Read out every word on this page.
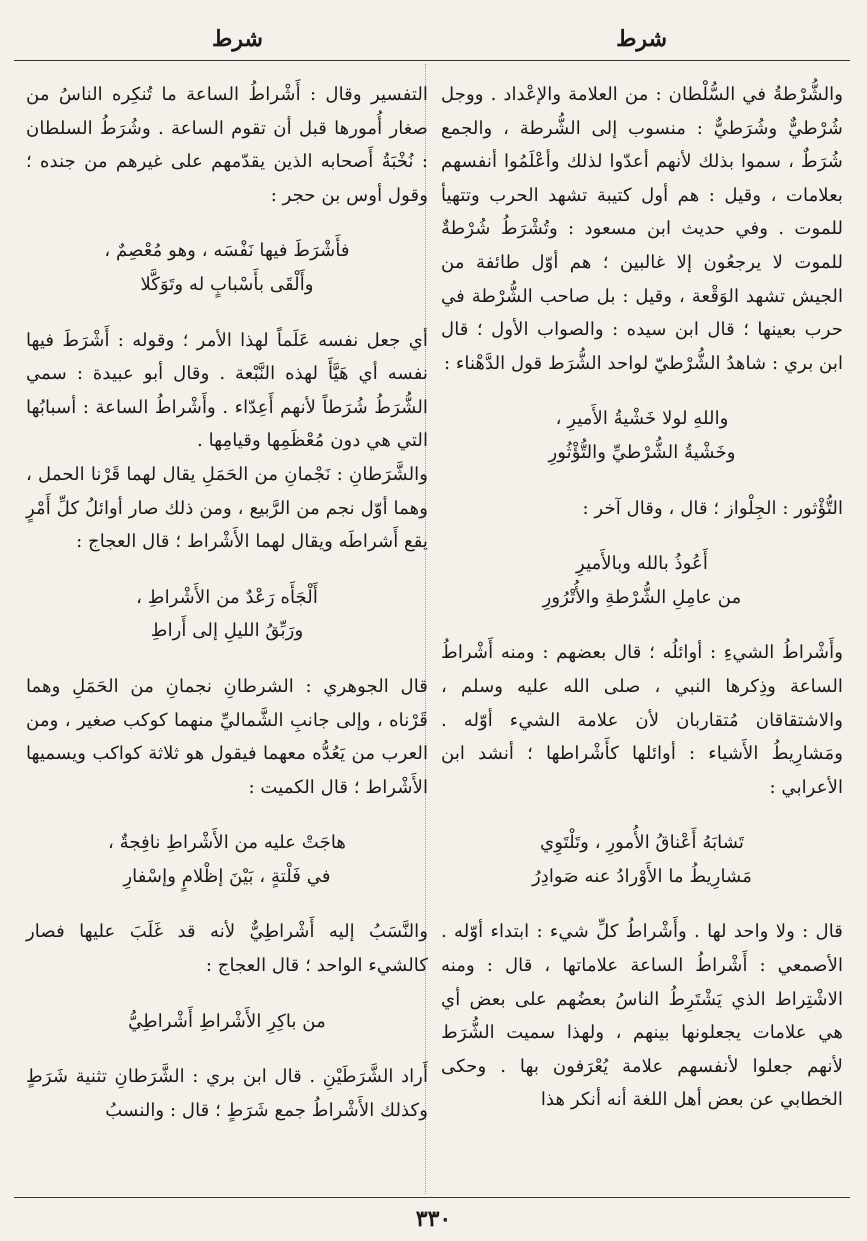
شرط
شرط

والشُّرْطةُ في السُّلْطان : من العلامة والإعْداد . ووجل شُرْطيٌّ وشُرَطيٌّ : منسوب إلى الشُّرطة ، والجمع شُرَطٌ ، سموا بذلك لأنهم أعدّوا لذلك وأعْلَمُوا أنفسهم بعلامات ، وقيل : هم أول كتيبة تشهد الحرب وتتهيأ للموت . وفي حديث ابن مسعود : وتُشْرَطُ شُرْطةٌ للموت لا يرجعُون إلا غالبين ؛ هم أوّل طائفة من الجيش تشهد الوَقْعة ، وقيل : بل صاحب الشُّرْطة في حرب بعينها ؛ قال ابن سيده : والصواب الأول ؛ قال ابن بري : شاهدُ الشُّرْطيّ لواحد الشُّرَط قول الدَّهْناء :

واللهِ لولا خَشْيةُ الأَميرِ ،

وخَشْيةُ الشُّرْطيِّ والتُّؤْثُورِ

التُّؤْثور : الجِلْواز ؛ قال ، وقال آخر :

أَعُوذُ بالله وبالأَميرِ

من عامِلِ الشُّرْطةِ والأُتْرُورِ

وأَشْراطُ الشيءِ : أوائلُه ؛ قال بعضهم : ومنه أَشْراطُ الساعة وذِكرها النبي ، صلى الله عليه وسلم ، والاشتقاقان مُتقاربان لأن علامة الشيء أوّله . ومَشارِيطُ الأَشياء : أوائلها كأَشْراطها ؛ أنشد ابن الأعرابي :

تَشابَهُ أَعْناقُ الأُمورِ ، وتَلْتَوِي

مَشارِيطُ ما الأَوْرادُ عنه صَوادِرُ

قال : ولا واحد لها . وأَشْراطُ كلِّ شيء : ابتداء أوّله . الأصمعي : أَشْراطُ الساعة علاماتها ، قال : ومنه الاشْتِراط الذي يَشْتَرِطُ الناسُ بعضُهم على بعض أي هي علامات يجعلونها بينهم ، ولهذا سميت الشُّرَط لأنهم جعلوا لأنفسهم علامة يُعْرَفون بها . وحكى الخطابي عن بعض أهل اللغة أنه أنكر هذا

التفسير وقال : أَشْراطُ الساعة ما تُنكِره الناسُ من صغار أُمورها قبل أن تقوم الساعة . وشُرَطُ السلطان : نُخْبَةُ أَصحابه الذين يقدّمهم على غيرهم من جنده ؛ وقول أوس بن حجر :

فأَشْرَطَ فيها نَفْسَه ، وهو مُعْصِمٌ ،

وأَلْقَى بأَسْبابٍ له وتَوَكَّلا

أي جعل نفسه عَلَماً لهذا الأمر ؛ وقوله : أَشْرَطَ فيها نفسه أي هَيَّأَ لهذه النَّبْعة . وقال أبو عبيدة : سمي الشُّرَطُ شُرَطاً لأنهم أَعِدّاء . وأَشْراطُ الساعة : أسبابُها التي هي دون مُعْظَمِها وقيامِها .

والشَّرَطانِ : نَجْمانِ من الحَمَلِ يقال لهما قَرْنا الحمل ، وهما أوّل نجم من الرَّبيع ، ومن ذلك صار أوائلُ كلِّ أَمْرٍ يقع أَشراطَه ويقال لهما الأَشْراط ؛ قال العجاج :

أَلْجَأَه رَعْدٌ من الأَشْراطِ ،

ورَبِّقُ الليلِ إلى أَراطِ

قال الجوهري : الشرطانِ نجمانِ من الحَمَلِ وهما قَرْناه ، وإلى جانبِ الشَّماليِّ منهما كوكب صغير ، ومن العرب من يَعُدُّه معهما فيقول هو ثلاثة كواكب ويسميها الأَشْراط ؛ قال الكميت :

هاجَتْ عليه من الأَشْراطِ نافِجةٌ ،

في فَلْتةٍ ، بَيْنَ إظْلامٍ وإسْفارِ

والنَّسَبُ إليه أَشْراطِيٌّ لأنه قد غَلَبَ عليها فصار كالشيء الواحد ؛ قال العجاج :

من باكِرِ الأَشْراطِ أَشْراطِيُّ

أَراد الشَّرَطَيْنِ . قال ابن بري : الشَّرَطانِ تثنية شَرَطٍ وكذلك الأَشْراطُ جمع شَرَطٍ ؛ قال : والنسبُ

٣٣٠
